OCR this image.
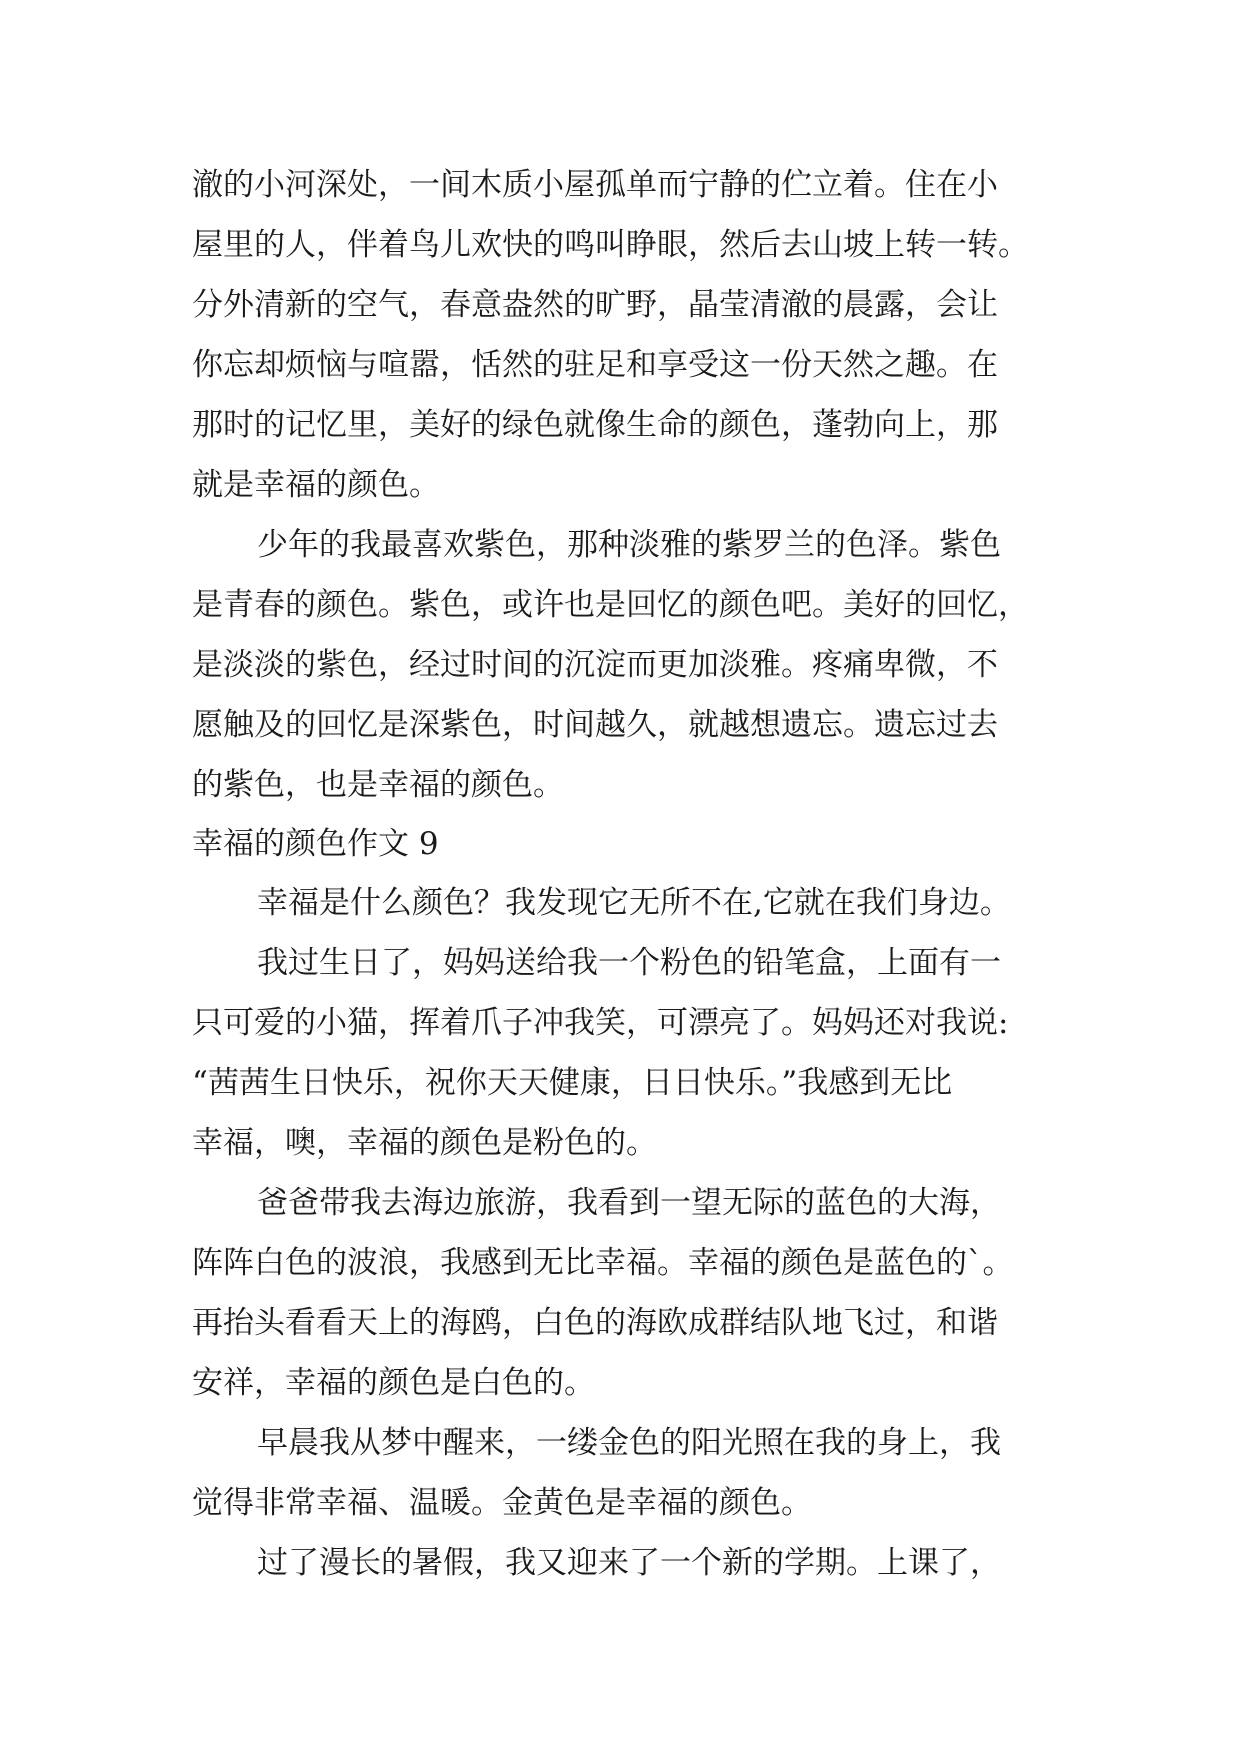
澈的小河深处，一间木质小屋孤单而宁静的伫立着。住在小
屋里的人，伴着鸟儿欢快的鸣叫睁眼，然后去山坡上转一转。
分外清新的空气，春意盎然的旷野，晶莹清澈的晨露，会让
你忘却烦恼与喧嚣，恬然的驻足和享受这一份天然之趣。在
那时的记忆里，美好的绿色就像生命的颜色，蓬勃向上，那
就是幸福的颜色。
少年的我最喜欢紫色，那种淡雅的紫罗兰的色泽。紫色
是青春的颜色。紫色，或许也是回忆的颜色吧。美好的回忆，
是淡淡的紫色，经过时间的沉淀而更加淡雅。疼痛卑微，不
愿触及的回忆是深紫色，时间越久，就越想遗忘。遗忘过去
的紫色，也是幸福的颜色。
幸福的颜色作文 9
幸福是什么颜色？我发现它无所不在,它就在我们身边。
我过生日了，妈妈送给我一个粉色的铅笔盒，上面有一
只可爱的小猫，挥着爪子冲我笑，可漂亮了。妈妈还对我说:
“茜茜生日快乐，祝你天天健康，日日快乐。”我感到无比
幸福，噢，幸福的颜色是粉色的。
爸爸带我去海边旅游，我看到一望无际的蓝色的大海，
阵阵白色的波浪，我感到无比幸福。幸福的颜色是蓝色的`。
再抬头看看天上的海鸥，白色的海欧成群结队地飞过，和谐
安祥，幸福的颜色是白色的。
早晨我从梦中醒来，一缕金色的阳光照在我的身上，我
觉得非常幸福、温暖。金黄色是幸福的颜色。
过了漫长的暑假，我又迎来了一个新的学期。上课了，
